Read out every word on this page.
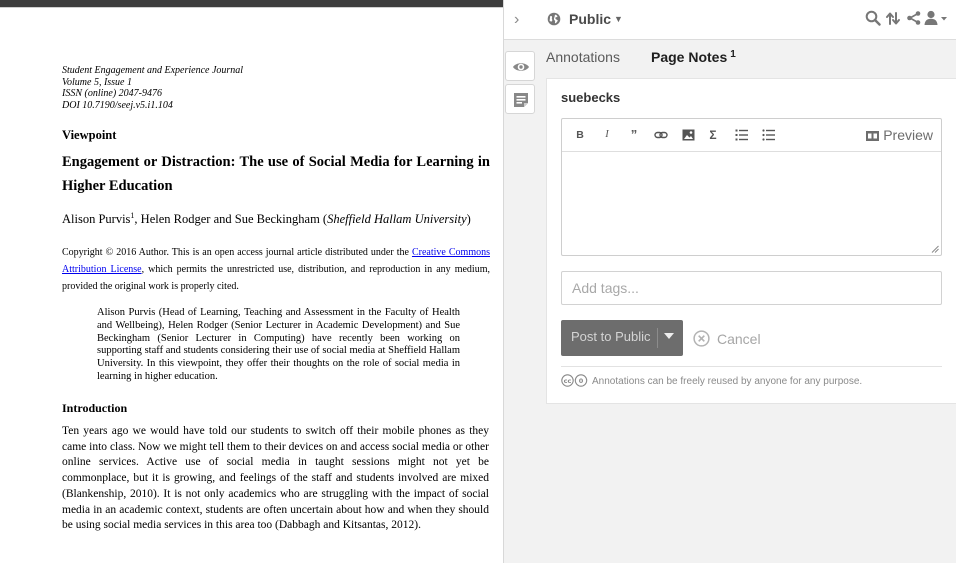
Student Engagement and Experience Journal
Volume 5, Issue 1
ISSN (online) 2047-9476
DOI 10.7190/seej.v5.i1.104
Viewpoint
Engagement or Distraction: The use of Social Media for Learning in Higher Education
Alison Purvis$^1$, Helen Rodger and Sue Beckingham (Sheffield Hallam University)
Copyright © 2016 Author. This is an open access journal article distributed under the Creative Commons Attribution License, which permits the unrestricted use, distribution, and reproduction in any medium, provided the original work is properly cited.
Alison Purvis (Head of Learning, Teaching and Assessment in the Faculty of Health and Wellbeing), Helen Rodger (Senior Lecturer in Academic Development) and Sue Beckingham (Senior Lecturer in Computing) have recently been working on supporting staff and students considering their use of social media at Sheffield Hallam University. In this viewpoint, they offer their thoughts on the role of social media in learning in higher education.
Introduction
Ten years ago we would have told our students to switch off their mobile phones as they came into class. Now we might tell them to their devices on and access social media or other online services. Active use of social media in taught sessions might not yet be commonplace, but it is growing, and feelings of the staff and students involved are mixed (Blankenship, 2010). It is not only academics who are struggling with the impact of social media in an academic context, students are often uncertain about how and when they should be using social media services in this area too (Dabbagh and Kitsantas, 2012).
›	Public ▼
Annotations Page Notes $^1$
suebecks
B	I ”	Σ	Preview
Add tags...
Post to Public	Cancel
cc 0 Annotations can be freely reused by anyone for any purpose.
